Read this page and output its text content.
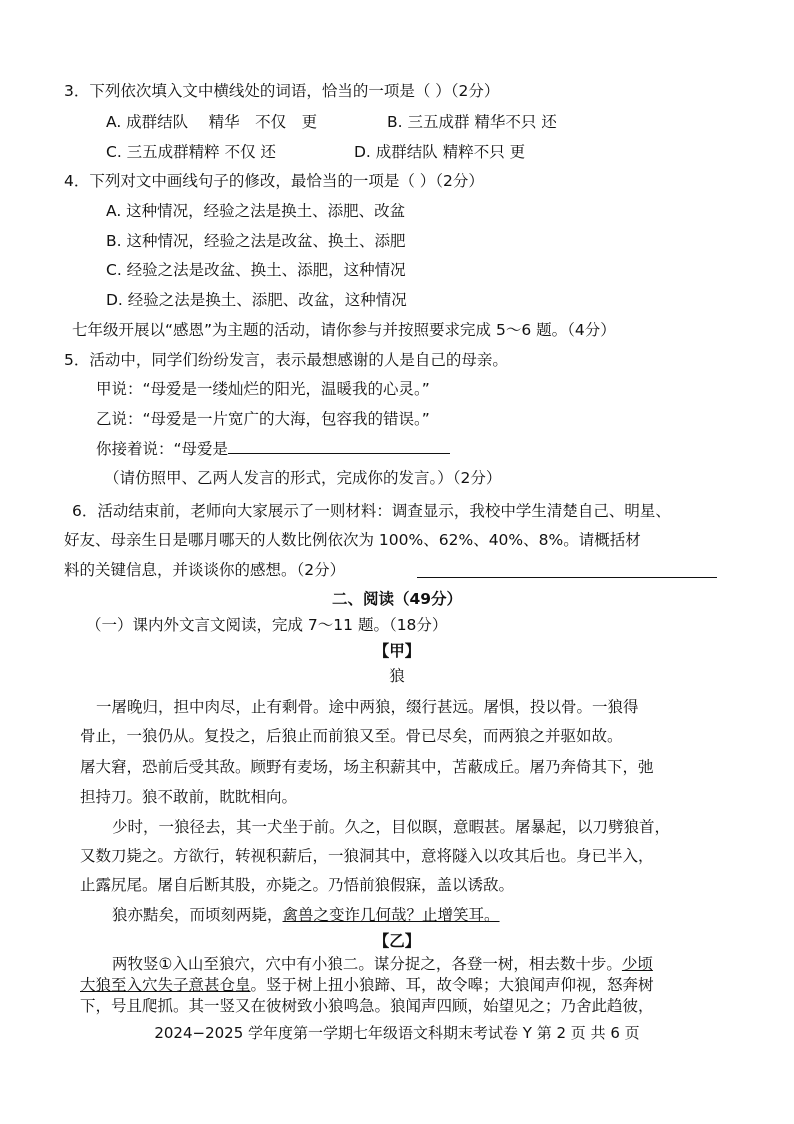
3．下列依次填入文中横线处的词语，恰当的一项是（ ）（2分）
A. 成群结队　 精华　不仅　更	B. 三五成群 精华不只 还
C. 三五成群精粹 不仅 还	D. 成群结队 精粹不只 更
4．下列对文中画线句子的修改，最恰当的一项是（ ）（2分）
A. 这种情况，经验之法是换土、添肥、改盆
B. 这种情况，经验之法是改盆、换土、添肥
C. 经验之法是改盆、换土、添肥，这种情况
D. 经验之法是换土、添肥、改盆，这种情况
七年级开展以“感恩”为主题的活动，请你参与并按照要求完成 5～6 题。（4分）
5．活动中，同学们纷纷发言，表示最想感谢的人是自己的母亲。
甲说：“母爱是一缕灿烂的阳光，温暖我的心灵。”
乙说：“母爱是一片宽广的大海，包容我的错误。”
你接着说：“母爱是
（请仿照甲、乙两人发言的形式，完成你的发言。）（2分）
6．活动结束前，老师向大家展示了一则材料：调查显示，我校中学生清楚自己、明星、
好友、母亲生日是哪月哪天的人数比例依次为 100%、62%、40%、8%。请概括材
料的关键信息，并谈谈你的感想。（2分）
二、阅读（49分）
（一）课内外文言文阅读，完成 7～11 题。（18分）
【甲】
狼
一屠晚归，担中肉尽，止有剩骨。途中两狼，缀行甚远。屠惧，投以骨。一狼得
骨止，一狼仍从。复投之，后狼止而前狼又至。骨已尽矣，而两狼之并驱如故。
屠大窘，恐前后受其敌。顾野有麦场，场主积薪其中，苫蔽成丘。屠乃奔倚其下，弛
担持刀。狼不敢前，眈眈相向。
少时，一狼径去，其一犬坐于前。久之，目似瞑，意暇甚。屠暴起，以刀劈狼首，
又数刀毙之。方欲行，转视积薪后，一狼洞其中，意将隧入以攻其后也。身已半入，
止露尻尾。屠自后断其股，亦毙之。乃悟前狼假寐，盖以诱敌。
狼亦黠矣，而顷刻两毙，禽兽之变诈几何哉？止增笑耳。
【乙】
两牧竖①入山至狼穴，穴中有小狼二。谋分捉之，各登一树，相去数十步。少顷
大狼至入穴失子意甚仓皇。竖于树上扭小狼蹄、耳，故令嗥；大狼闻声仰视，怒奔树
下，号且爬抓。其一竖又在彼树致小狼鸣急。狼闻声四顾，始望见之；乃舍此趋彼，
2024−2025 学年度第一学期七年级语文科期末考试卷 Y 第 2 页 共 6 页
